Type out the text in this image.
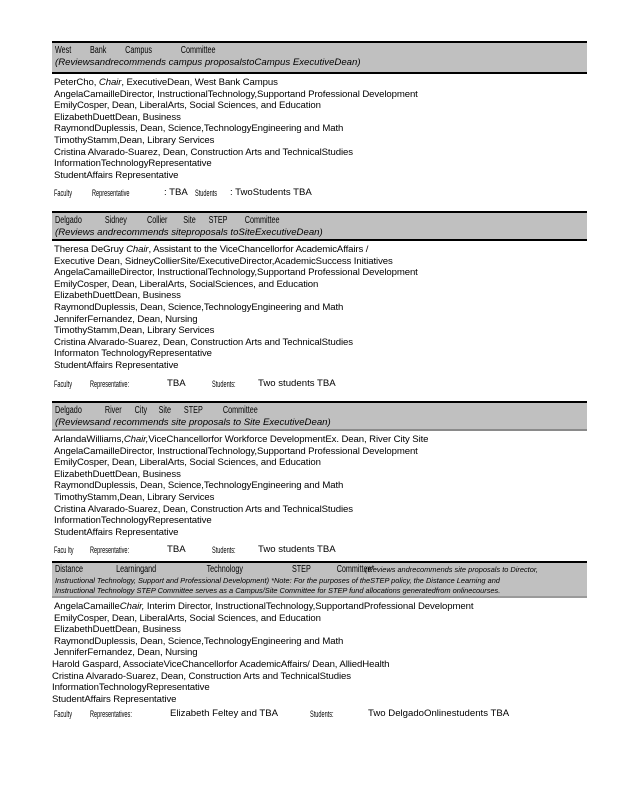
West Bank Campus	Committee
(Reviewsandrecommends campus proposalstoCampus ExecutiveDean)
PeterCho, Chair, ExecutiveDean, West Bank Campus
AngelaCamailleDirector, InstructionalTechnology,Supportand Professional Development
EmilyCosper, Dean, LiberalArts, Social Sciences, and Education
ElizabethDuettDean, Business
RaymondDuplessis, Dean, Science,TechnologyEngineering and Math
TimothyStamm,Dean, Library Services
Cristina Alvarado-Suarez, Dean, Construction Arts and TechnicalStudies
InformationTechnologyRepresentative
StudentAffairs Representative
Faculty Representative	: TBA Students : TwoStudents TBA
Delgado Sidney Collier Site STEP Committee
(Reviews andrecommends siteproposals toSiteExecutiveDean)
Theresa DeGruy Chair, Assistant to the ViceChancellorfor AcademicAffairs /
Executive Dean, SidneyCollierSite/ExecutiveDirector,AcademicSuccess Initiatives
AngelaCamailleDirector, InstructionalTechnology,Supportand Professional Development
EmilyCosper, Dean, LiberalArts, SocialSciences, and Education
ElizabethDuettDean, Business
RaymondDuplessis, Dean, Science,TechnologyEngineering and Math
JenniferFernandez, Dean, Nursing
TimothyStamm,Dean, Library Services
Cristina Alvarado-Suarez, Dean, Construction Arts and TechnicalStudies
Informaton TechnologyRepresentative
StudentAffairs Representative
Faculty Representative:	TBA	Students: Two students TBA
Delgado River City Site STEP Committee
(Reviewsand recommends site proposals to Site ExecutiveDean)
ArlandaWilliams,Chair,ViceChancellorfor Workforce DevelopmentEx. Dean, River City Site
AngelaCamailleDirector, InstructionalTechnology,Supportand Professional Development
EmilyCosper, Dean, LiberalArts, Social Sciences, and Education
ElizabethDuettDean, Business
RaymondDuplessis, Dean, Science,TechnologyEngineering and Math
TimothyStamm,Dean, Library Services
Cristina Alvarado-Suarez, Dean, Construction Arts and TechnicalStudies
InformationTechnologyRepresentative
StudentAffairs Representative
Facu lty Representative:	TBA	Students: Two students TBA
Distance	Learningand	Technology	STEP	Committee*
(Reviews andrecommends site proposals to Director,
Instructional Technology, Support and Professional Development) *Note: For the purposes of theSTEP policy, the Distance Learning and
Instructional Technology STEP Committee serves as a Campus/Site Committee for STEP fund allocations generatedfrom onlinecourses.
AngelaCamailleChair, Interim Director, InstructionalTechnology,SupportandProfessional Development
EmilyCosper, Dean, LiberalArts, Social Sciences, and Education
ElizabethDuettDean, Business
RaymondDuplessis, Dean, Science,TechnologyEngineering and Math
JenniferFernandez, Dean, Nursing
Harold Gaspard, AssociateViceChancellorfor AcademicAffairs/ Dean, AlliedHealth
Cristina Alvarado-Suarez, Dean, Construction Arts and TechnicalStudies
InformationTechnologyRepresentative
StudentAffairs Representative
Faculty Representatives:	Elizabeth Feltey and TBA	Students:	Two DelgadoOnlinestudents TBA
